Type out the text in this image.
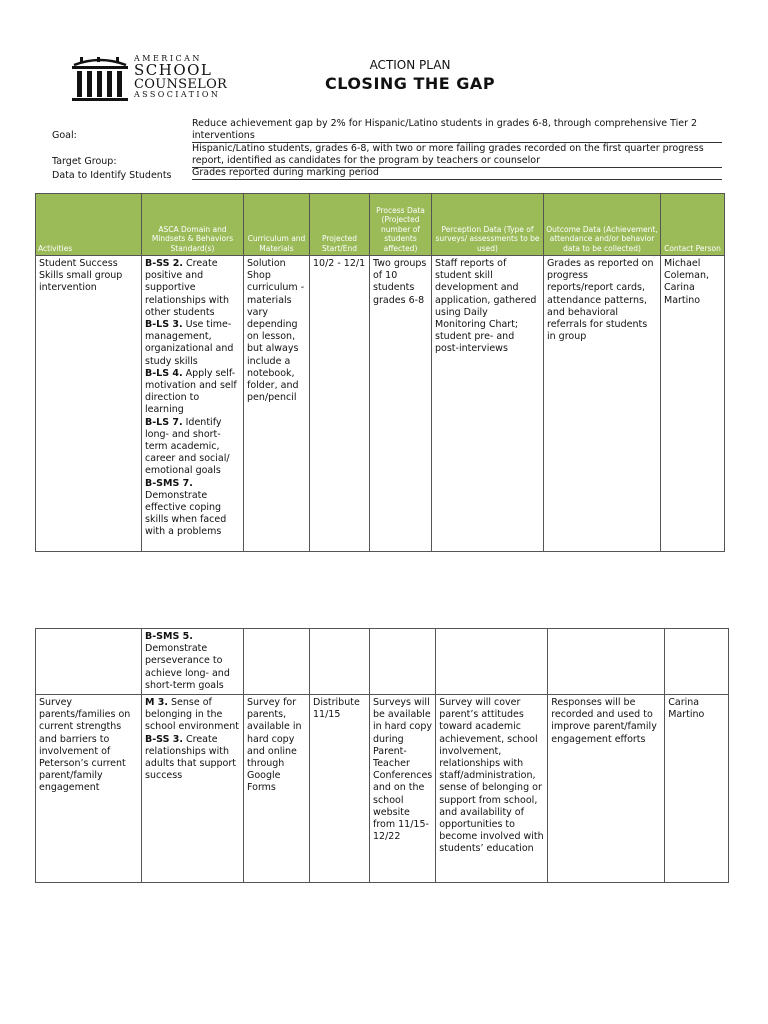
AMERICAN
SCHOOL
COUNSELOR
ASSOCIATION
ACTION PLAN
CLOSING THE GAP
Goal:
Reduce achievement gap by 2% for Hispanic/Latino students in grades 6-8, through comprehensive Tier 2 interventions
Target Group:
Hispanic/Latino students, grades 6-8, with two or more failing grades recorded on the first quarter progress report, identified as candidates for the program by teachers or counselor
Data to Identify Students Grades reported during marking period
Activities	ASCA Domain and Mindsets & Behaviors Standard(s)	Curriculum and Materials	Projected Start/End	Process Data (Projected number of students affected)	Perception Data (Type of surveys/ assessments to be used)	Outcome Data (Achievement, attendance and/or behavior data to be collected)	Contact Person
Student Success Skills small group intervention	B-SS 2. Create positive and supportive relationships with other students
B-LS 3. Use time-management, organizational and study skills
B-LS 4. Apply self-motivation and self direction to learning
B-LS 7. Identify long- and short-term academic, career and social/ emotional goals
B-SMS 7. Demonstrate effective coping skills when faced with a problems	Solution Shop curriculum - materials vary depending on lesson, but always include a notebook, folder, and pen/pencil	10/2 - 12/1	Two groups of 10 students grades 6-8	Staff reports of student skill development and application, gathered using Daily Monitoring Chart; student pre- and post-interviews	Grades as reported on progress reports/report cards, attendance patterns, and behavioral referrals for students in group	Michael Coleman, Carina Martino
	B-SMS 5. Demonstrate perseverance to achieve long- and short-term goals						
Survey parents/families on current strengths and barriers to involvement of Peterson’s current parent/family engagement	M 3. Sense of belonging in the school environment
B-SS 3. Create relationships with adults that support success	Survey for parents, available in hard copy and online through Google Forms	Distribute 11/15	Surveys will be available in hard copy during Parent-Teacher Conferences and on the school website from 11/15-12/22	Survey will cover parent’s attitudes toward academic achievement, school involvement, relationships with staff/administration, sense of belonging or support from school, and availability of opportunities to become involved with students’ education	Responses will be recorded and used to improve parent/family engagement efforts	Carina Martino
